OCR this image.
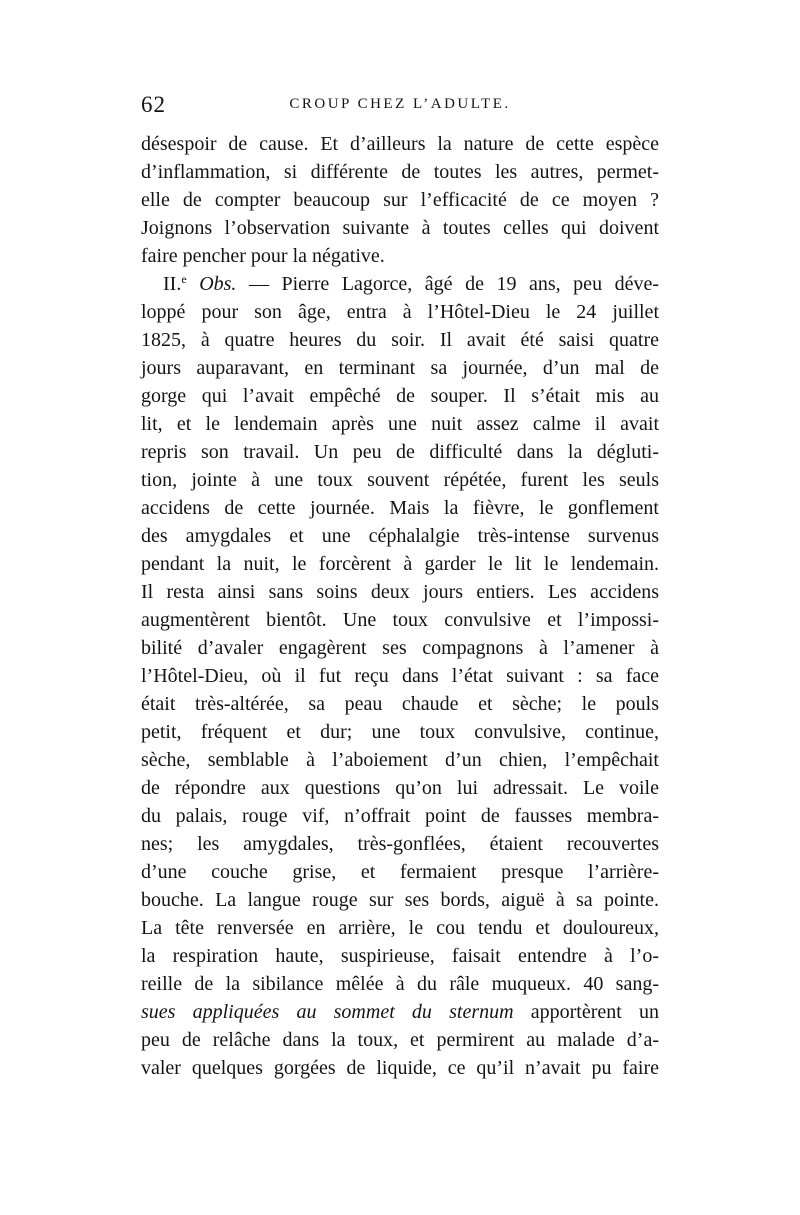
62	CROUP CHEZ L’ADULTE.
désespoir de cause. Et d’ailleurs la nature de cette espèce
d’inflammation, si différente de toutes les autres, permet-
elle de compter beaucoup sur l’efficacité de ce moyen ?
Joignons l’observation suivante à toutes celles qui doivent
faire pencher pour la négative.
II.$^e$ Obs. — Pierre Lagorce, âgé de 19 ans, peu déve-
loppé pour son âge, entra à l’Hôtel-Dieu le 24 juillet
1825, à quatre heures du soir. Il avait été saisi quatre
jours auparavant, en terminant sa journée, d’un mal de
gorge qui l’avait empêché de souper. Il s’était mis au
lit, et le lendemain après une nuit assez calme il avait
repris son travail. Un peu de difficulté dans la dégluti-
tion, jointe à une toux souvent répétée, furent les seuls
accidens de cette journée. Mais la fièvre, le gonflement
des amygdales et une céphalalgie très-intense survenus
pendant la nuit, le forcèrent à garder le lit le lendemain.
Il resta ainsi sans soins deux jours entiers. Les accidens
augmentèrent bientôt. Une toux convulsive et l’impossi-
bilité d’avaler engagèrent ses compagnons à l’amener à
l’Hôtel-Dieu, où il fut reçu dans l’état suivant : sa face
était très-altérée, sa peau chaude et sèche; le pouls
petit, fréquent et dur; une toux convulsive, continue,
sèche, semblable à l’aboiement d’un chien, l’empêchait
de répondre aux questions qu’on lui adressait. Le voile
du palais, rouge vif, n’offrait point de fausses membra-
nes; les amygdales, très-gonflées, étaient recouvertes
d’une couche grise, et fermaient presque l’arrière-
bouche. La langue rouge sur ses bords, aiguë à sa pointe.
La tête renversée en arrière, le cou tendu et douloureux,
la respiration haute, suspirieuse, faisait entendre à l’o-
reille de la sibilance mêlée à du râle muqueux. 40 sang-
sues appliquées au sommet du sternum apportèrent un
peu de relâche dans la toux, et permirent au malade d’a-
valer quelques gorgées de liquide, ce qu’il n’avait pu faire
